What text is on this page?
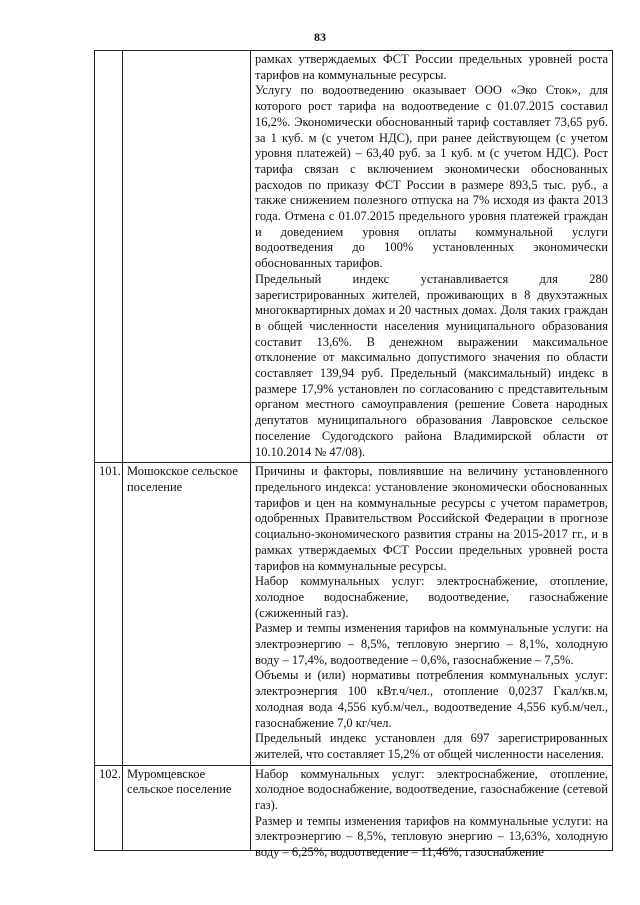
83

		рамках утверждаемых ФСТ России предельных уровней роста тарифов на коммунальные ресурсы.

Услугу по водоотведению оказывает ООО «Эко Сток», для которого рост тарифа на водоотведение с 01.07.2015 составил 16,2%. Экономически обоснованный тариф составляет 73,65 руб. за 1 куб. м (с учетом НДС), при ранее действующем (с учетом уровня платежей) – 63,40 руб. за 1 куб. м (с учетом НДС). Рост тарифа связан с включением экономически обоснованных расходов по приказу ФСТ России в размере 893,5 тыс. руб., а также снижением полезного отпуска на 7% исходя из факта 2013 года. Отмена с 01.07.2015 предельного уровня платежей граждан и доведением уровня оплаты коммунальной услуги водоотведения до 100% установленных экономически обоснованных тарифов.

Предельный индекс устанавливается для 280 зарегистрированных жителей, проживающих в 8 двухэтажных многоквартирных домах и 20 частных домах. Доля таких граждан в общей численности населения муниципального образования составит 13,6%. В денежном выражении максимальное отклонение от максимально допустимого значения по области составляет 139,94 руб. Предельный (максимальный) индекс в размере 17,9% установлен по согласованию с представительным органом местного самоуправления (решение Совета народных депутатов муниципального образования Лавровское сельское поселение Судогодского района Владимирской области от 10.10.2014 № 47/08).

101.	Мошокское сельское поселение	Причины и факторы, повлиявшие на величину установленного предельного индекса: установление экономически обоснованных тарифов и цен на коммунальные ресурсы с учетом параметров, одобренных Правительством Российской Федерации в прогнозе социально-экономического развития страны на 2015-2017 гг., и в рамках утверждаемых ФСТ России предельных уровней роста тарифов на коммунальные ресурсы.

Набор коммунальных услуг: электроснабжение, отопление, холодное водоснабжение, водоотведение, газоснабжение (сжиженный газ).

Размер и темпы изменения тарифов на коммунальные услуги: на электроэнергию – 8,5%, тепловую энергию – 8,1%, холодную воду – 17,4%, водоотведение – 0,6%, газоснабжение – 7,5%.

Объемы и (или) нормативы потребления коммунальных услуг: электроэнергия 100 кВт.ч/чел., отопление 0,0237 Гкал/кв.м, холодная вода 4,556 куб.м/чел., водоотведение 4,556 куб.м/чел., газоснабжение 7,0 кг/чел.

Предельный индекс установлен для 697 зарегистрированных жителей, что составляет 15,2% от общей численности населения.

102.	Муромцевское сельское поселение	Набор коммунальных услуг: электроснабжение, отопление, холодное водоснабжение, водоотведение, газоснабжение (сетевой газ).

Размер и темпы изменения тарифов на коммунальные услуги: на электроэнергию – 8,5%, тепловую энергию – 13,63%, холодную воду – 6,25%, водоотведение – 11,46%, газоснабжение
